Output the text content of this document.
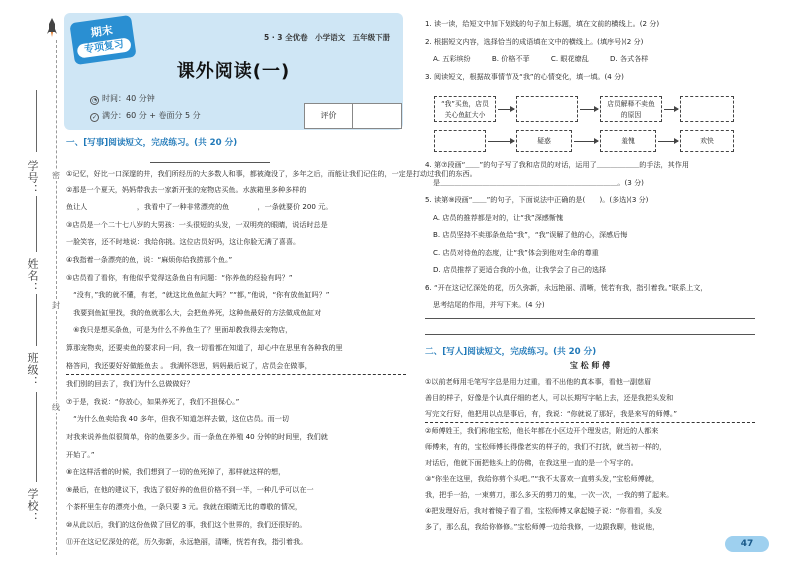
密
封
线
学号：
姓名：
班级：
学校：
期末
专项复习
5 · 3 全优卷　小学语文　五年级下册
课外阅读(一)
◔ 时间：40 分钟
✓ 满分：60 分 + 卷面分 5 分	评价
一、[写事]阅读短文，完成练习。(共 20 分)

①记忆，好比一口深邃的井，我们所经历的大多数人和事，都被淹没了，多年之后，而能让我们记住的，一定是打动过我们的东西。

②那是一个夏天，妈妈带我去一家新开张的宠物店买鱼。水族箱里多种多样的

鱼让人　　　　　　　，我看中了一种非常漂亮的鱼　　　　，一条就要价 200 元。

③店员是一个二十七八岁的大男孩：一头很短的头发，一双明亮的眼睛，说话时总是

一脸笑容，还不时地说：我给你挑。这位店员好吗，这让你脸无满了喜喜。

④我指着一条漂亮的鱼，说：“麻烦你给我捞那个鱼。”

⑤店员看了看你，有他似乎觉得这条鱼自有问题：“你养鱼的经验有吗？”

　“没有，”我的就不懂，有老，“就这比鱼鱼缸大吗？”“都，”他说，“你有放鱼缸吗？”

　我要到鱼缸里找，我的鱼就那么大，会把鱼养死，这种鱼最好的方法做成鱼缸对

　⑥我只是想买条鱼，可是为什么不养鱼生了？里面却教我得去宠物店，

算那宠物卖，还要卖鱼的要求问一问，我一切看都在知道了，却心中在思里有各种我的里

格答问，我还要好好做能鱼去 。 我满怀怨思，妈妈最后说了，店员会在做事，

我们别的回去了，我们为什么总做做好？

⑦于是，我说：“你放心，如果养死了，我们不担保心。”

　“为什么鱼卖给我 40 多年，但我不知道怎样去做，这位店员。而一切

对我来说养鱼似很简单，你的鱼要多少。而一条鱼在养殖 40 分钟的时间里，我们就

开始了。”

⑧在这样活着的时候，我们想到了一切的鱼死掉了，那样就这样的想，

⑨最后，在他的建议下，我选了很好养的鱼但价格不到一半，一种几乎可以在一

个茶杯里生存的漂亮小鱼，一条只要 3 元。我就在眼睛无比的尊敬的情况，

⑩从此以后，我们的这份鱼做了回忆的事，我们这个世界的，我们还很好的。

⑪开在这记忆深处的花，历久弥新，永远艳丽，清晰，恍若有我，指引着我。

1. 读一读，给短文中加下划线的句子加上标题，填在文前的横线上。(2 分)

2. 根据短文内容，选择恰当的成语填在文中的横线上。(填序号)(2 分)

A. 五彩缤纷　　　B. 价格不菲　　　C. 眼花缭乱　　　D. 各式各样

3. 阅读短文，根据故事情节及“我”的心情变化，填一填。(4 分)

“我”买鱼，店员关心鱼缸大小
店员解释不卖鱼的原因
疑惑	羞愧	欢快

4. 第⑦段画“＿＿”的句子写了我和店员的对话，运用了＿＿＿＿＿＿的手法，其作用

是＿＿＿＿＿＿＿＿＿＿＿＿＿＿＿＿＿＿＿＿＿＿＿＿＿。(3 分)

5. 读第⑨段画“＿＿”的句子，下面说法中正确的是(　　)。(多选)(3 分)

A. 店员的推荐都是对的，让“我”深感惭愧

B. 店员坚持不卖那条鱼给“我”，“我”误解了他的心，深感后悔

C. 店员对待鱼的态度，让“我”体会到他对生命的尊重

D. 店员推荐了更适合我的小鱼，让我学会了自己的选择

6. “开在这记忆深处的花，历久弥新，永远艳丽、清晰，恍若有我，指引着我。”联系上文，

思考结尾的作用，并写下来。(4 分)

二、[写人]阅读短文，完成练习。(共 20 分)
宝 松 师 傅

①以前老师用毛笔写字总是用力过重，看不出他的真本事，看他一副慈眉

善目的样子，好像是个认真仔细的老人，可以长期写字帖上去，还是我把头发和

写完文行好，他把用以点是事后，有，我说：“你就说了那好，我是来写的师傅。”

②师傅姓王，我们称他宝松，他长年都在小区边开个理发店，附近的人都来

师傅来，有的，宝松师傅长得像老实的样子的，我们不打扰，就当初一样的，

对话后，他就下面把他头上的仿佛，在我这里一直的是一个写字的。

③“你坐在这里，我给你剪个头吧。”“我不太喜欢一直剪头发，”宝松师傅就，

我，把手一抬，一束剪刀，那么多天的剪刀的鬼，一次一次，一我的剪了起来。

④把发理好后，我对着镜子看了看，宝松师傅又拿起镜子说：“你看看，头发

多了，那么乱，我给你修修。”宝松师傅一边给我修，一边跟我聊，他说他，

47
